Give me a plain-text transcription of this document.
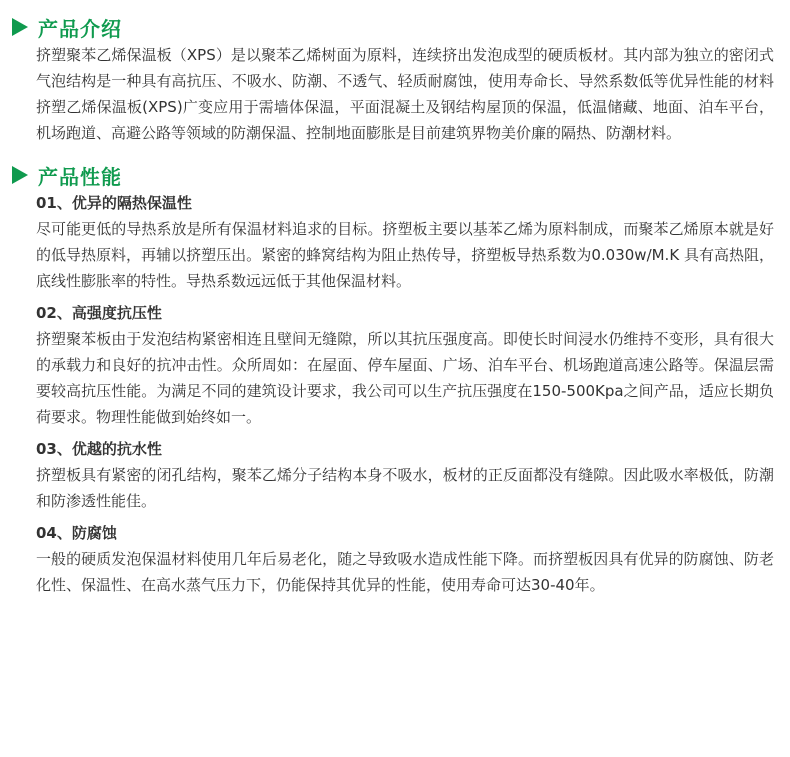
产品介绍

挤塑聚苯乙烯保温板（XPS）是以聚苯乙烯树面为原料，连续挤出发泡成型的硬质板材。其内部为独立的密闭式气泡结构是一种具有高抗压、不吸水、防潮、不透气、轻质耐腐蚀，使用寿命长、导然系数低等优异性能的材料挤塑乙烯保温板(XPS)广变应用于需墙体保温，平面混凝土及钢结构屋顶的保温，低温储藏、地面、泊车平台，机场跑道、高避公路等领域的防潮保温、控制地面膨胀是目前建筑界物美价廉的隔热、防潮材料。

产品性能

01、优异的隔热保温性

尽可能更低的导热系放是所有保温材料追求的目标。挤塑板主要以基苯乙烯为原料制成，而聚苯乙烯原本就是好的低导热原料，再辅以挤塑压出。紧密的蜂窝结构为阻止热传导，挤塑板导热系数为0.030w/M.K 具有高热阻，底线性膨胀率的特性。导热系数远远低于其他保温材料。

02、高强度抗压性

挤塑聚苯板由于发泡结构紧密相连且壁间无缝隙，所以其抗压强度高。即使长时间浸水仍维持不变形，具有很大的承载力和良好的抗冲击性。众所周如：在屋面、停车屋面、广场、泊车平台、机场跑道高速公路等。保温层需要较高抗压性能。为满足不同的建筑设计要求，我公司可以生产抗压强度在150-500Kpa之间产品，适应长期负荷要求。物理性能做到始终如一。

03、优越的抗水性

挤塑板具有紧密的闭孔结构，聚苯乙烯分子结构本身不吸水，板材的正反面都没有缝隙。因此吸水率极低，防潮和防渗透性能佳。

04、防腐蚀

一般的硬质发泡保温材料使用几年后易老化，随之导致吸水造成性能下降。而挤塑板因具有优异的防腐蚀、防老化性、保温性、在高水蒸气压力下，仍能保持其优异的性能，使用寿命可达30-40年。
